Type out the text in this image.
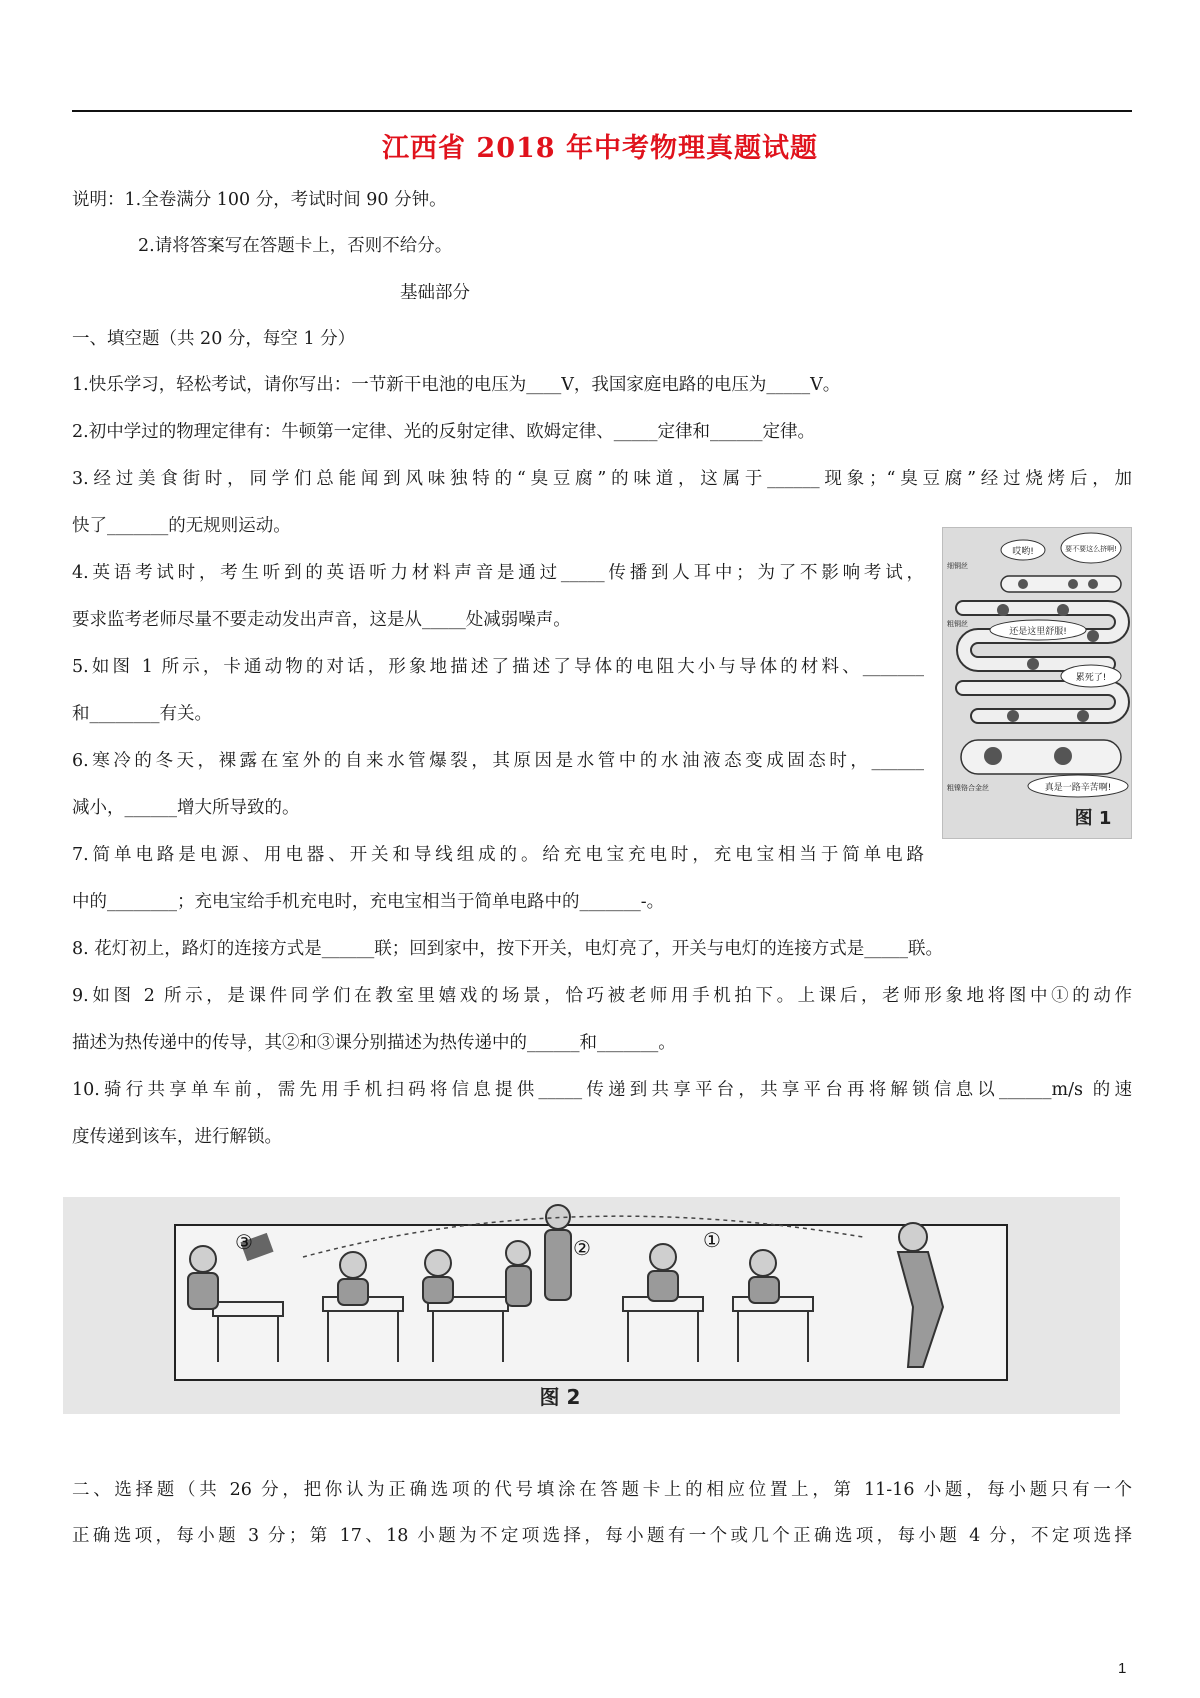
江西省 2018 年中考物理真题试题
说明：1.全卷满分 100 分，考试时间 90 分钟。
2.请将答案写在答题卡上，否则不给分。
基础部分
一、填空题（共 20 分，每空 1 分）
1.快乐学习，轻松考试，请你写出：一节新干电池的电压为____V，我国家庭电路的电压为_____V。
2.初中学过的物理定律有：牛顿第一定律、光的反射定律、欧姆定律、_____定律和______定律。
3.经过美食街时，同学们总能闻到风味独特的“臭豆腐”的味道，这属于______现象；“臭豆腐”经过烧烤后，加
快了_______的无规则运动。
4.英语考试时，考生听到的英语听力材料声音是通过_____传播到人耳中；为了不影响考试，
要求监考老师尽量不要走动发出声音，这是从_____处减弱噪声。
5.如图 1 所示，卡通动物的对话，形象地描述了描述了导体的电阻大小与导体的材料、_______
和________有关。
6.寒冷的冬天，裸露在室外的自来水管爆裂，其原因是水管中的水油液态变成固态时，______
减小，______增大所导致的。
7.简单电路是电源、用电器、开关和导线组成的。给充电宝充电时，充电宝相当于简单电路
中的________；充电宝给手机充电时，充电宝相当于简单电路中的_______-。
8. 花灯初上，路灯的连接方式是______联；回到家中，按下开关，电灯亮了，开关与电灯的连接方式是_____联。
9.如图 2 所示，是课件同学们在教室里嬉戏的场景，恰巧被老师用手机拍下。上课后，老师形象地将图中①的动作
描述为热传递中的传导，其②和③课分别描述为热传递中的______和_______。
10.骑行共享单车前，需先用手机扫码将信息提供_____传递到共享平台，共享平台再将解锁信息以______m/s 的速
度传递到该车，进行解锁。
哎哟!	要不要这么挤啊!
还是这里舒服!
累死了!
真是一路辛苦啊!
细铜丝
粗铜丝
粗镍铬合金丝
图 1
③	②	①
图 2
二、选择题（共 26 分，把你认为正确选项的代号填涂在答题卡上的相应位置上，第 11-16 小题，每小题只有一个
正确选项，每小题 3 分；第 17、18 小题为不定项选择，每小题有一个或几个正确选项，每小题 4 分，不定项选择
1
